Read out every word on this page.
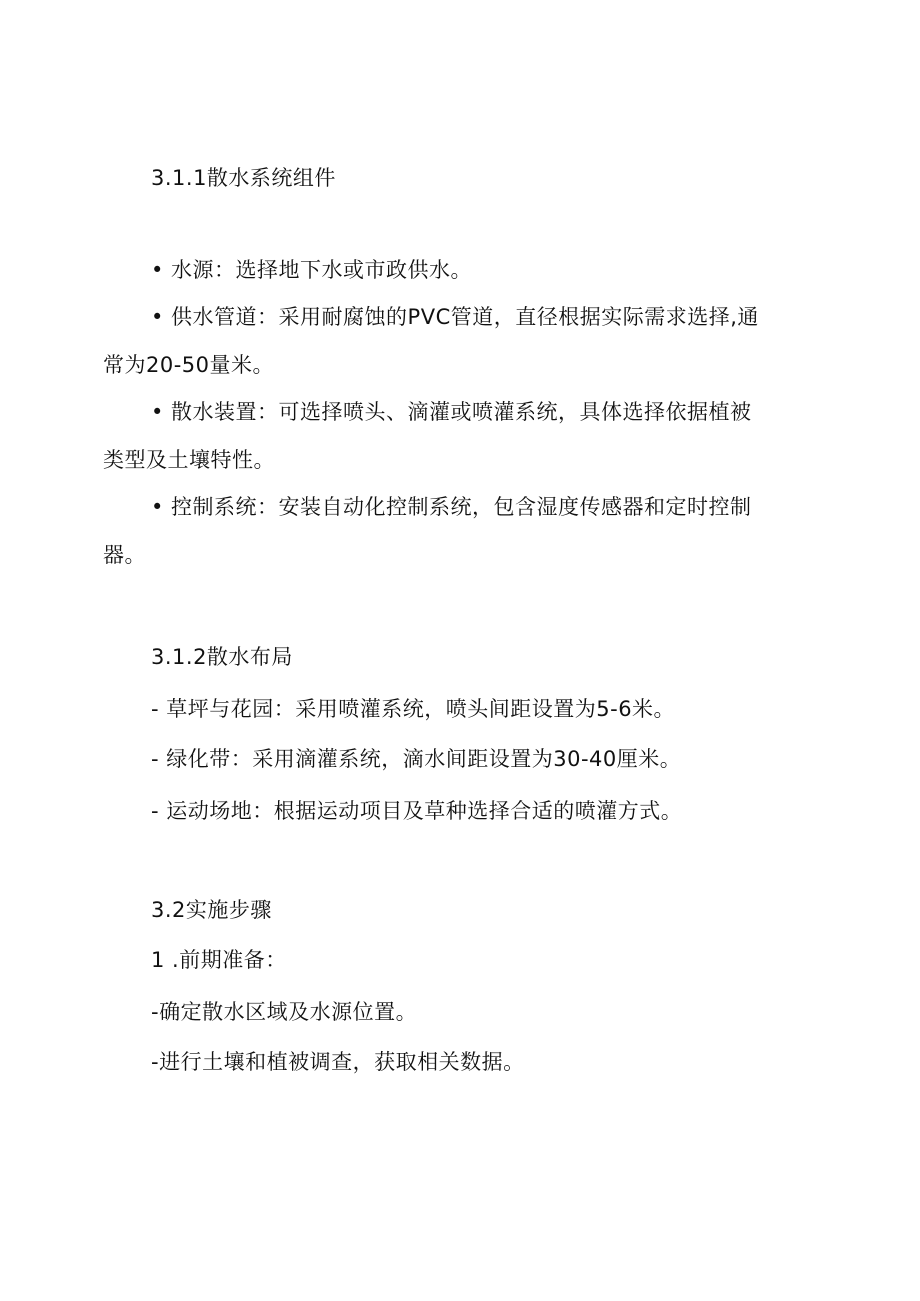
3.1.1散水系统组件
• 水源：选择地下水或市政供水。
• 供水管道：采用耐腐蚀的PVC管道，直径根据实际需求选择,通
常为20-50量米。
• 散水装置：可选择喷头、滴灌或喷灌系统，具体选择依据植被
类型及土壤特性。
• 控制系统：安装自动化控制系统，包含湿度传感器和定时控制
器。
3.1.2散水布局
- 草坪与花园：采用喷灌系统，喷头间距设置为5-6米。
- 绿化带：采用滴灌系统，滴水间距设置为30-40厘米。
- 运动场地：根据运动项目及草种选择合适的喷灌方式。
3.2实施步骤
1 .前期准备：
-确定散水区域及水源位置。
-进行土壤和植被调查，获取相关数据。
